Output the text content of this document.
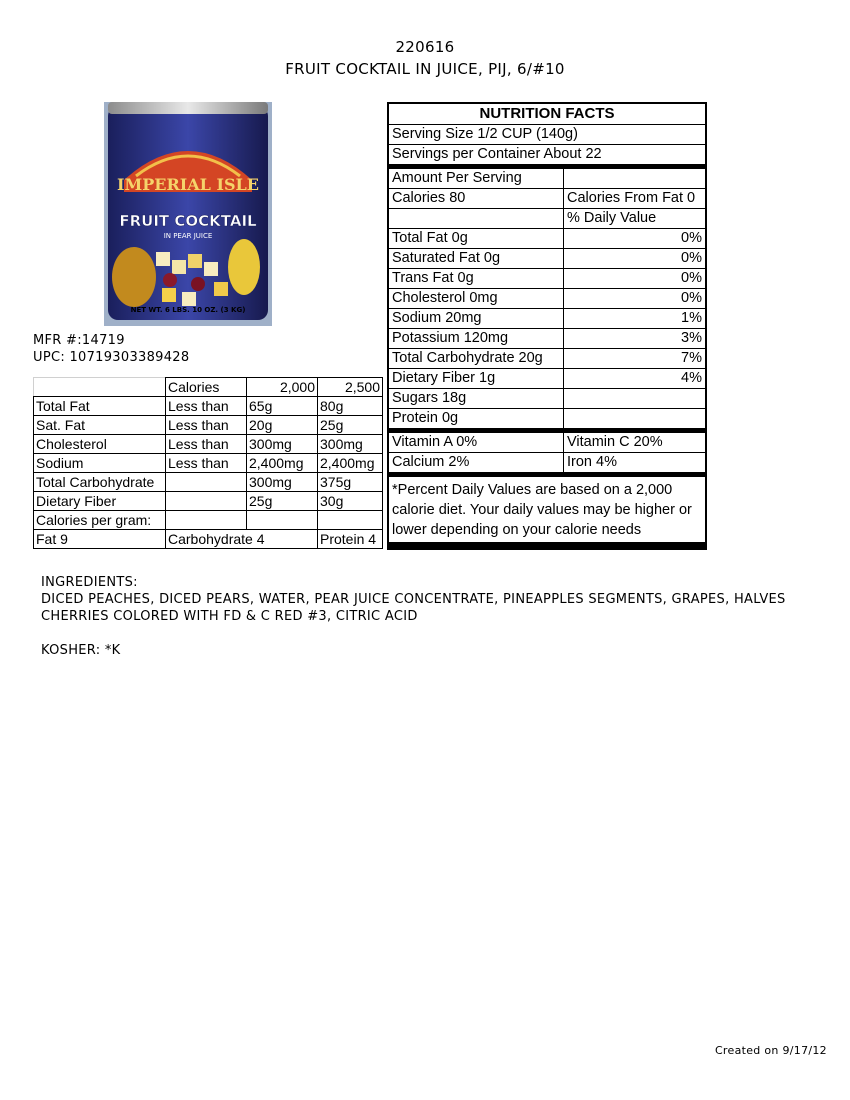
220616
FRUIT COCKTAIL IN JUICE, PIJ, 6/#10
IMPERIAL ISLE
FRUIT COCKTAIL
IN PEAR JUICE
NET WT. 6 LBS. 10 OZ. (3 KG)
MFR #:14719
UPC: 10719303389428
	Calories	2,000	2,500
Total Fat	Less than	65g	80g
Sat. Fat	Less than	20g	25g
Cholesterol	Less than	300mg	300mg
Sodium	Less than	2,400mg	2,400mg
Total Carbohydrate		300mg	375g
Dietary Fiber		25g	30g
Calories per gram:			
Fat 9	Carbohydrate 4		Protein 4
NUTRITION FACTS
Serving Size 1/2 CUP (140g)
Servings per Container About 22
Amount Per Serving
Calories 80	Calories From Fat 0
% Daily Value
Total Fat 0g	0%
Saturated Fat 0g	0%
Trans Fat 0g	0%
Cholesterol 0mg	0%
Sodium 20mg	1%
Potassium 120mg	3%
Total Carbohydrate 20g	7%
Dietary Fiber 1g	4%
Sugars 18g
Protein 0g
Vitamin A 0%	Vitamin C 20%
Calcium 2%	Iron 4%
*Percent Daily Values are based on a 2,000 calorie diet. Your daily values may be higher or lower depending on your calorie needs
INGREDIENTS:
DICED PEACHES, DICED PEARS, WATER, PEAR JUICE CONCENTRATE, PINEAPPLES SEGMENTS, GRAPES, HALVES CHERRIES COLORED WITH FD & C RED #3, CITRIC ACID
KOSHER: *K
Created on 9/17/12
